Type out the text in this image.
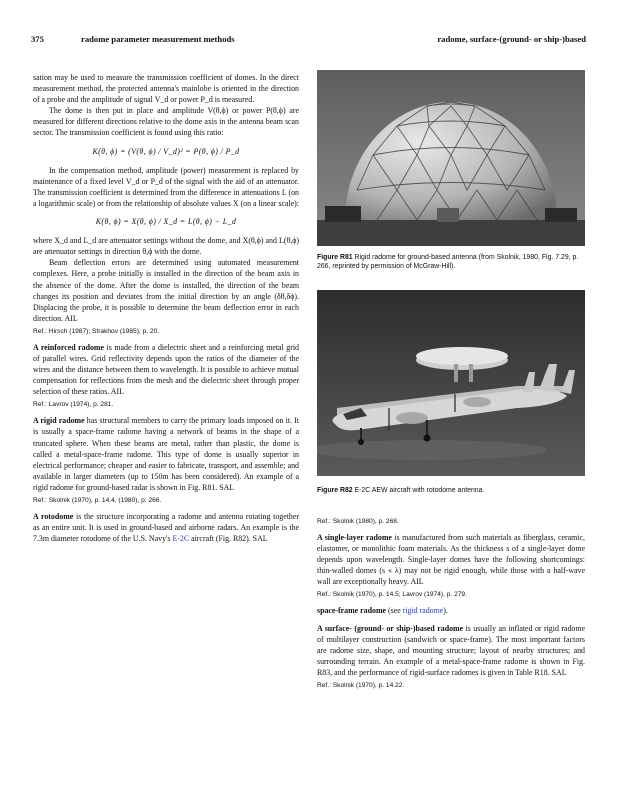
375	radome parameter measurement methods	radome, surface-(ground- or ship-)based

sation may be used to measure the transmission coefficient of domes. In the direct measurement method, the protected antenna's mainlobe is oriented in the direction of a probe and the amplitude of signal V_d or power P_d is measured.

The dome is then put in place and amplitude V(θ,ϕ) or power P(θ,ϕ) are measured for different directions relative to the dome axis in the antenna beam scan sector. The transmission coefficient is found using this ratio:

K(θ, ϕ) = (V(θ, ϕ) / V_d)² = P(θ, ϕ) / P_d

In the compensation method, amplitude (power) measurement is replaced by maintenance of a fixed level V_d or P_d of the signal with the aid of an attenuator. The transmission coefficient is determined from the difference in attenuations L (on a logarithmic scale) or from the relationship of absolute values X (on a linear scale):

K(θ, ϕ) = X(θ, ϕ) / X_d = L(θ, ϕ) − L_d

where X_d and L_d are attenuator settings without the dome, and X(θ,ϕ) and L(θ,ϕ) are attenuator settings in direction θ,ϕ with the dome.

Beam deflection errors are determined using automated measurement complexes. Here, a probe initially is installed in the direction of the beam axis in the absence of the dome. After the dome is installed, the direction of the beam changes its position and deviates from the initial direction by an angle (δθ,δϕ). Displacing the probe, it is possible to determine the beam deflection error in each direction. AIL

Ref.: Hirsch (1987); Strakhov (1985), p. 20.

A reinforced radome is made from a dielectric sheet and a reinforcing metal grid of parallel wires. Grid reflectivity depends upon the ratios of the diameter of the wires and the distance between them to wavelength. It is possible to achieve mutual compensation for reflections from the mesh and the dielectric sheet through proper selection of these ratios. AIL

Ref.: Lavrov (1974), p. 281.

A rigid radome has structural members to carry the primary loads imposed on it. It is usually a space-frame radome having a network of beams in the shape of a truncated sphere. When these beams are metal, rather than plastic, the dome is called a metal-space-frame radome. This type of dome is usually superior in electrical performance; cheaper and easier to fabricate, transport, and assemble; and available in larger diameters (up to 150m has been considered). An example of a rigid radome for ground-based radar is shown in Fig. R81. SAL

Ref.: Skolnik (1970), p. 14.4, (1980), p. 266.

A rotodome is the structure incorporating a radome and antenna rotating together as an entire unit. It is used in ground-based and airborne radars. An example is the 7.3m diameter rotodome of the U.S. Navy's E-2C aircraft (Fig. R82). SAL

Figure R81 Rigid radome for ground-based antenna (from Skolnik, 1980, Fig. 7.29, p. 266, reprinted by permission of McGraw-Hill).
Figure R82 E-2C AEW aircraft with rotodome antenna.

Ref.: Skolnik (1980), p. 268.

A single-layer radome is manufactured from such materials as fiberglass, ceramic, elastomer, or monolithic foam materials. As the thickness s of a single-layer dome depends upon wavelength. Single-layer domes have the following shortcomings: thin-walled domes (s « λ) may not be rigid enough, while those with a half-wave wall are exceptionally heavy. AIL

Ref.: Skolnik (1970), p. 14.5; Lavrov (1974), p. 279.

space-frame radome (see rigid radome).

A surface- (ground- or ship-)based radome is usually an inflated or rigid radome of multilayer construction (sandwich or space-frame). The most important factors are radome size, shape, and mounting structure; layout of nearby structures; and surrounding terrain. An example of a metal-space-frame radome is shown in Fig. R83, and the performance of rigid-surface radomes is given in Table R18. SAL

Ref.: Skolnik (1970), p. 14.22.
